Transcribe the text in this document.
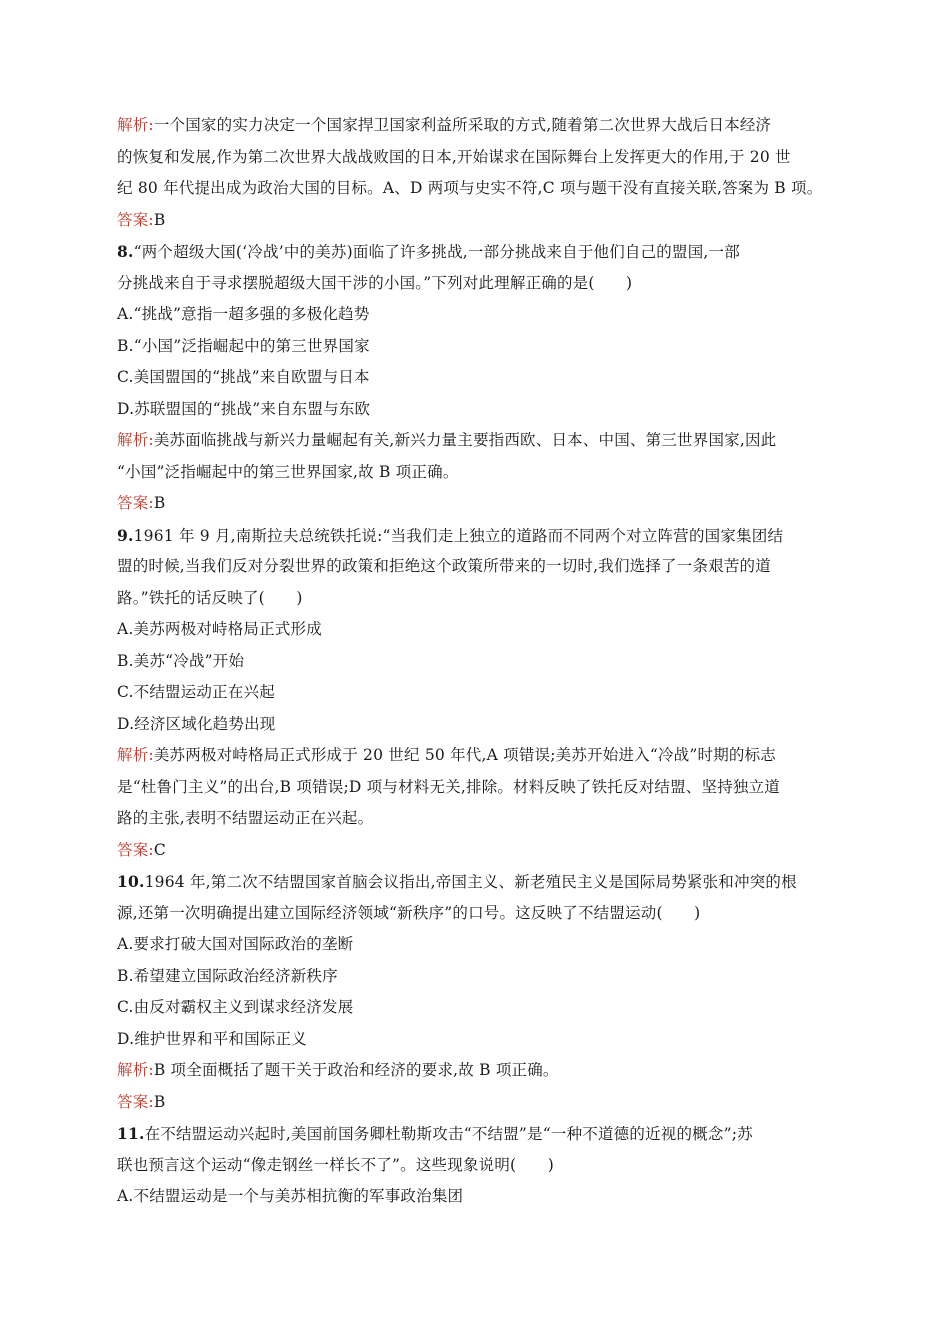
解析:一个国家的实力决定一个国家捍卫国家利益所采取的方式,随着第二次世界大战后日本经济
的恢复和发展,作为第二次世界大战战败国的日本,开始谋求在国际舞台上发挥更大的作用,于 20 世
纪 80 年代提出成为政治大国的目标。A、D 两项与史实不符,C 项与题干没有直接关联,答案为 B 项。
答案:B
8.“两个超级大国(‘冷战’中的美苏)面临了许多挑战,一部分挑战来自于他们自己的盟国,一部
分挑战来自于寻求摆脱超级大国干涉的小国。”下列对此理解正确的是(　　)
A.“挑战”意指一超多强的多极化趋势
B.“小国”泛指崛起中的第三世界国家
C.美国盟国的“挑战”来自欧盟与日本
D.苏联盟国的“挑战”来自东盟与东欧
解析:美苏面临挑战与新兴力量崛起有关,新兴力量主要指西欧、日本、中国、第三世界国家,因此
“小国”泛指崛起中的第三世界国家,故 B 项正确。
答案:B
9.1961 年 9 月,南斯拉夫总统铁托说:“当我们走上独立的道路而不同两个对立阵营的国家集团结
盟的时候,当我们反对分裂世界的政策和拒绝这个政策所带来的一切时,我们选择了一条艰苦的道
路。”铁托的话反映了(　　)
A.美苏两极对峙格局正式形成
B.美苏“冷战”开始
C.不结盟运动正在兴起
D.经济区域化趋势出现
解析:美苏两极对峙格局正式形成于 20 世纪 50 年代,A 项错误;美苏开始进入“冷战”时期的标志
是“杜鲁门主义”的出台,B 项错误;D 项与材料无关,排除。材料反映了铁托反对结盟、坚持独立道
路的主张,表明不结盟运动正在兴起。
答案:C
10.1964 年,第二次不结盟国家首脑会议指出,帝国主义、新老殖民主义是国际局势紧张和冲突的根
源,还第一次明确提出建立国际经济领域“新秩序”的口号。这反映了不结盟运动(　　)
A.要求打破大国对国际政治的垄断
B.希望建立国际政治经济新秩序
C.由反对霸权主义到谋求经济发展
D.维护世界和平和国际正义
解析:B 项全面概括了题干关于政治和经济的要求,故 B 项正确。
答案:B
11.在不结盟运动兴起时,美国前国务卿杜勒斯攻击“不结盟”是“一种不道德的近视的概念”;苏
联也预言这个运动“像走钢丝一样长不了”。这些现象说明(　　)
A.不结盟运动是一个与美苏相抗衡的军事政治集团
